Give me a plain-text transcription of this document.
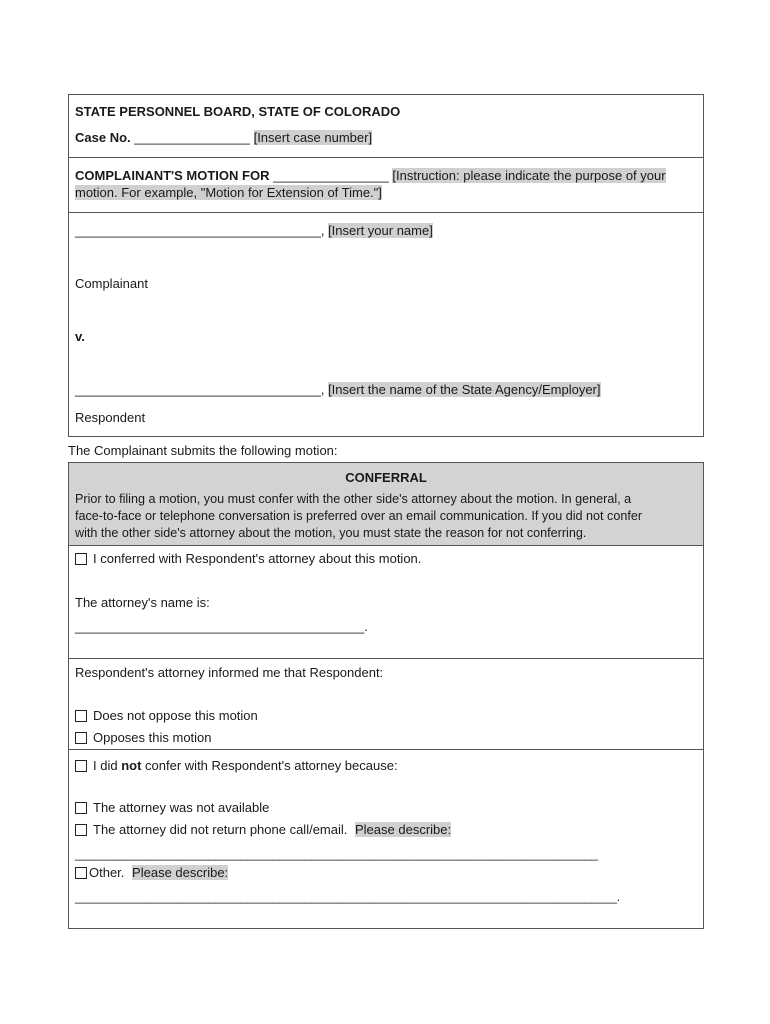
STATE PERSONNEL BOARD, STATE OF COLORADO
Case No. ________________ [Insert case number]
COMPLAINANT'S MOTION FOR ________________ [Instruction: please indicate the purpose of your
motion. For example, "Motion for Extension of Time."]
__________________________________, [Insert your name]
Complainant
v.
__________________________________, [Insert the name of the State Agency/Employer]
Respondent
The Complainant submits the following motion:
CONFERRAL
Prior to filing a motion, you must confer with the other side's attorney about the motion. In general, a
face-to-face or telephone conversation is preferred over an email communication. If you did not confer
with the other side's attorney about the motion, you must state the reason for not conferring.
I conferred with Respondent's attorney about this motion.
The attorney's name is:
________________________________________.
Respondent's attorney informed me that Respondent:
Does not oppose this motion
Opposes this motion
I did not confer with Respondent's attorney because:
The attorney was not available
The attorney did not return phone call/email. Please describe:
__________________________________________________________________________________
Other. Please describe:
_____________________________________________________________________________________.
